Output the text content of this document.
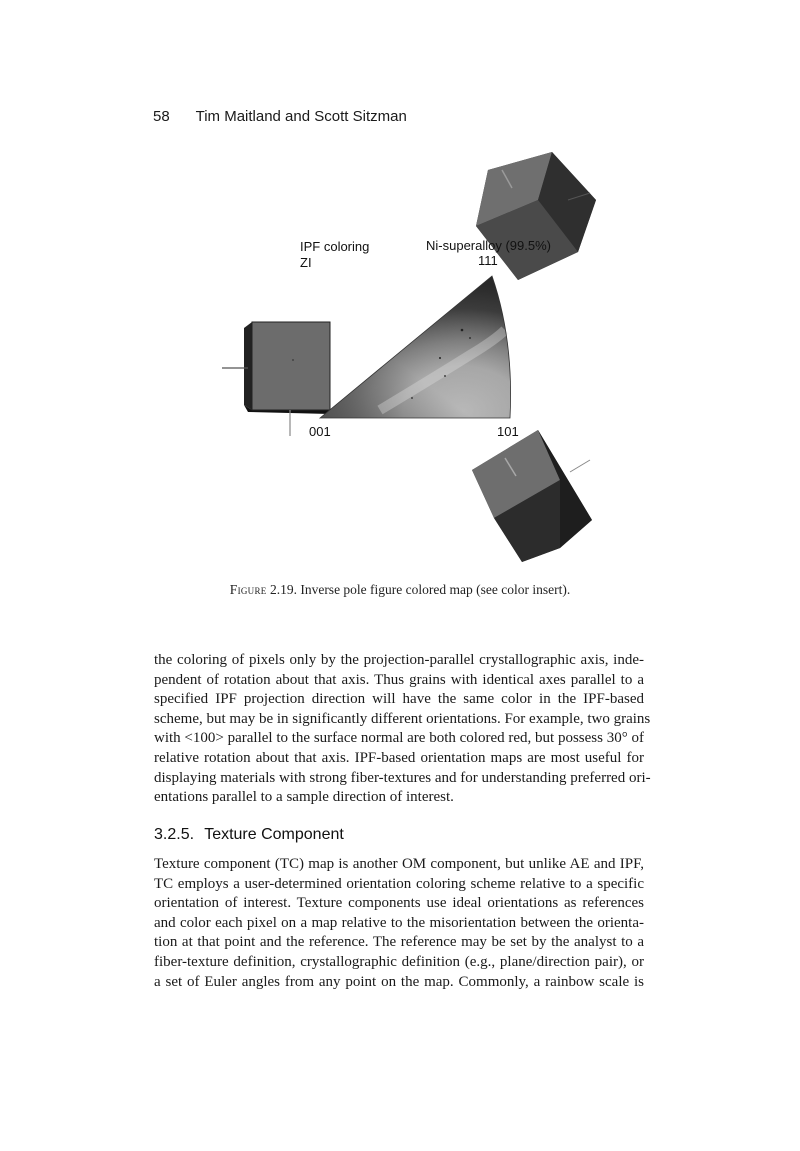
58 Tim Maitland and Scott Sitzman
IPF coloring
ZI
Ni-superalloy (99.5%)
111
001	101
Figure 2.19. Inverse pole figure colored map (see color insert).
the coloring of pixels only by the projection-parallel crystallographic axis, inde-
pendent of rotation about that axis. Thus grains with identical axes parallel to a
specified IPF projection direction will have the same color in the IPF-based
scheme, but may be in significantly different orientations. For example, two grains
with <100> parallel to the surface normal are both colored red, but possess 30° of
relative rotation about that axis. IPF-based orientation maps are most useful for
displaying materials with strong fiber-textures and for understanding preferred ori-
entations parallel to a sample direction of interest.
3.2.5. Texture Component
Texture component (TC) map is another OM component, but unlike AE and IPF,
TC employs a user-determined orientation coloring scheme relative to a specific
orientation of interest. Texture components use ideal orientations as references
and color each pixel on a map relative to the misorientation between the orienta-
tion at that point and the reference. The reference may be set by the analyst to a
fiber-texture definition, crystallographic definition (e.g., plane/direction pair), or
a set of Euler angles from any point on the map. Commonly, a rainbow scale is
